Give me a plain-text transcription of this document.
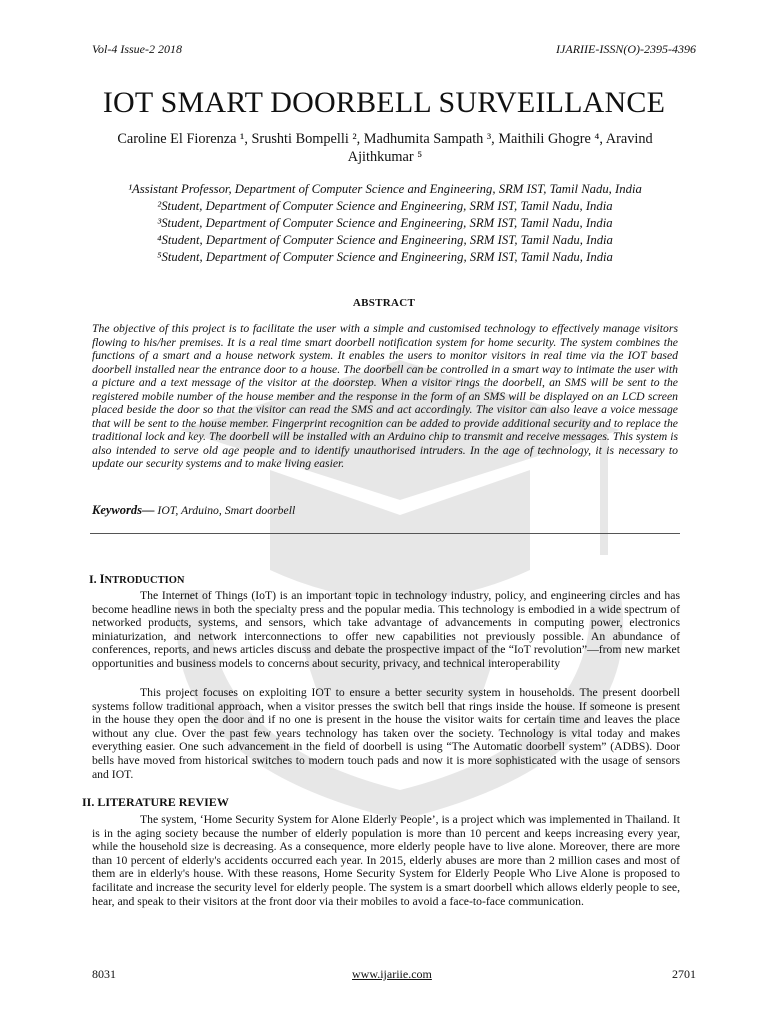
Vol-4 Issue-2 2018	IJARIIE-ISSN(O)-2395-4396
IOT SMART DOORBELL SURVEILLANCE
Caroline El Fiorenza ¹, Srushti Bompelli ², Madhumita Sampath ³, Maithili Ghogre ⁴, Aravind
Ajithkumar ⁵
¹Assistant Professor, Department of Computer Science and Engineering, SRM IST, Tamil Nadu, India
²Student, Department of Computer Science and Engineering, SRM IST, Tamil Nadu, India
³Student, Department of Computer Science and Engineering, SRM IST, Tamil Nadu, India
⁴Student, Department of Computer Science and Engineering, SRM IST, Tamil Nadu, India
⁵Student, Department of Computer Science and Engineering, SRM IST, Tamil Nadu, India
ABSTRACT
The objective of this project is to facilitate the user with a simple and customised technology to effectively manage visitors flowing to his/her premises. It is a real time smart doorbell notification system for home security. The system combines the functions of a smart and a house network system. It enables the users to monitor visitors in real time via the IOT based doorbell installed near the entrance door to a house. The doorbell can be controlled in a smart way to intimate the user with a picture and a text message of the visitor at the doorstep. When a visitor rings the doorbell, an SMS will be sent to the registered mobile number of the house member and the response in the form of an SMS will be displayed on an LCD screen placed beside the door so that the visitor can read the SMS and act accordingly. The visitor can also leave a voice message that will be sent to the house member. Fingerprint recognition can be added to provide additional security and to replace the traditional lock and key. The doorbell will be installed with an Arduino chip to transmit and receive messages. This system is also intended to serve old age people and to identify unauthorised intruders. In the age of technology, it is necessary to update our security systems and to make living easier.
Keywords— IOT, Arduino, Smart doorbell
I. INTRODUCTION
The Internet of Things (IoT) is an important topic in technology industry, policy, and engineering circles and has become headline news in both the specialty press and the popular media. This technology is embodied in a wide spectrum of networked products, systems, and sensors, which take advantage of advancements in computing power, electronics miniaturization, and network interconnections to offer new capabilities not previously possible. An abundance of conferences, reports, and news articles discuss and debate the prospective impact of the “IoT revolution”—from new market opportunities and business models to concerns about security, privacy, and technical interoperability
This project focuses on exploiting IOT to ensure a better security system in households. The present doorbell systems follow traditional approach, when a visitor presses the switch bell that rings inside the house. If someone is present in the house they open the door and if no one is present in the house the visitor waits for certain time and leaves the place without any clue. Over the past few years technology has taken over the society. Technology is vital today and makes everything easier. One such advancement in the field of doorbell is using “The Automatic doorbell system” (ADBS). Door bells have moved from historical switches to modern touch pads and now it is more sophisticated with the usage of sensors and IOT.
II. LITERATURE REVIEW
The system, ‘Home Security System for Alone Elderly People’, is a project which was implemented in Thailand. It is in the aging society because the number of elderly population is more than 10 percent and keeps increasing every year, while the household size is decreasing. As a consequence, more elderly people have to live alone. Moreover, there are more than 10 percent of elderly's accidents occurred each year. In 2015, elderly abuses are more than 2 million cases and most of them are in elderly's house. With these reasons, Home Security System for Elderly People Who Live Alone is proposed to facilitate and increase the security level for elderly people. The system is a smart doorbell which allows elderly people to see, hear, and speak to their visitors at the front door via their mobiles to avoid a face-to-face communication.
8031	www.ijariie.com	2701
